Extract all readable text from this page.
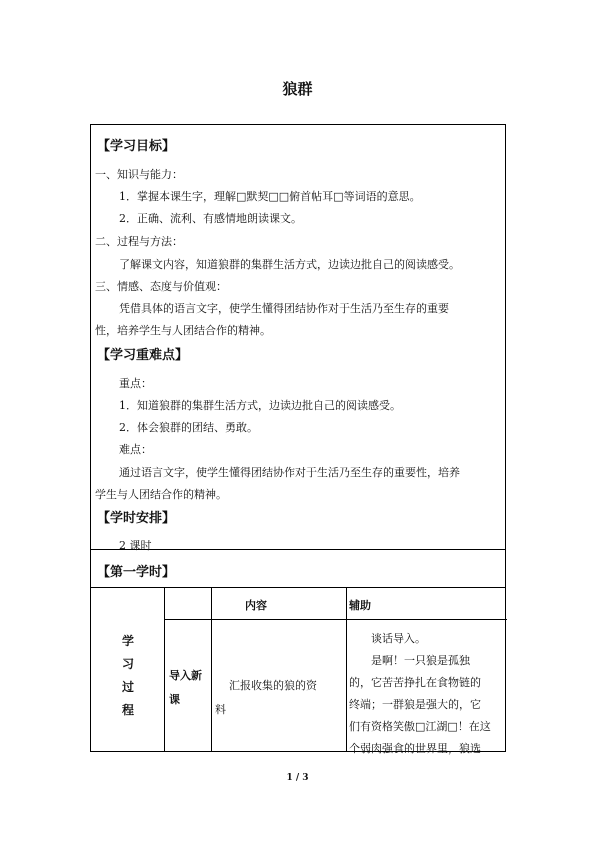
狼群
【学习目标】
一、知识与能力：
1．掌握本课生字，理解□默契□□俯首帖耳□等词语的意思。
2．正确、流利、有感情地朗读课文。
二、过程与方法：
了解课文内容，知道狼群的集群生活方式，边读边批自己的阅读感受。
三、情感、态度与价值观：
凭借具体的语言文字，使学生懂得团结协作对于生活乃至生存的重要
性，培养学生与人团结合作的精神。
【学习重难点】
重点：
1．知道狼群的集群生活方式，边读边批自己的阅读感受。
2．体会狼群的团结、勇敢。
难点：
通过语言文字，使学生懂得团结协作对于生活乃至生存的重要性，培养
学生与人团结合作的精神。
【学时安排】
2 课时
【第一学时】
学
习
过
程
内容	辅助
导入新
课
汇报收集的狼的资
料
谈话导入。
是啊！一只狼是孤独
的，它苦苦挣扎在食物链的
终端；一群狼是强大的，它
们有资格笑傲□江湖□！在这
个弱肉强食的世界里，狼选
1 / 3
